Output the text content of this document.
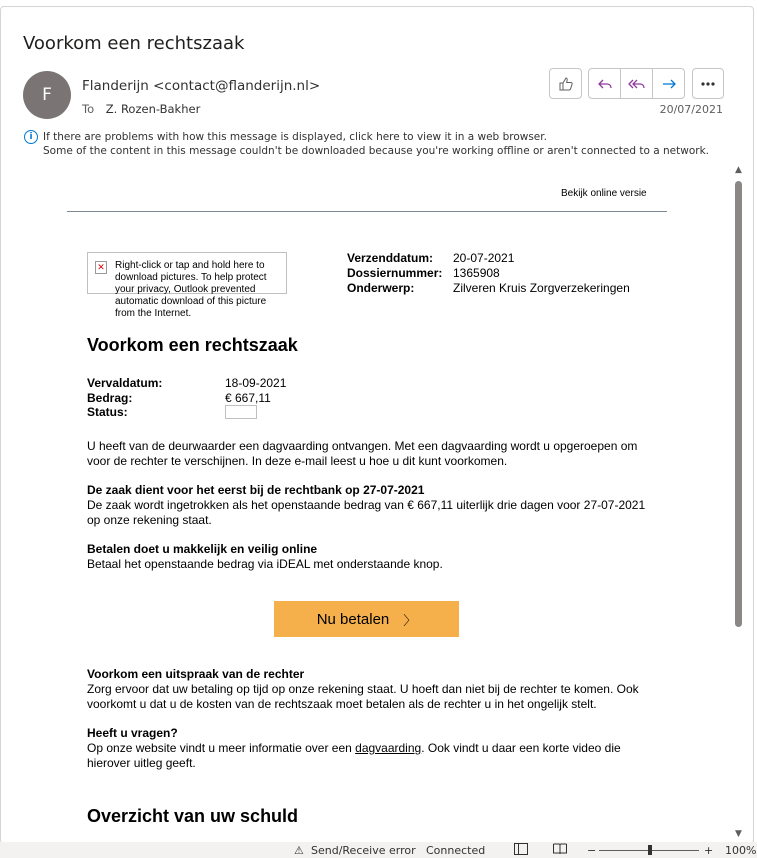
Voorkom een rechtszaak
F	Flanderijn <contact@flanderijn.nl>
To Z. Rozen-Bakher	20/07/2021
i If there are problems with how this message is displayed, click here to view it in a web browser.
Some of the content in this message couldn't be downloaded because you're working offline or aren't connected to a network.
Bekijk online versie
✕ Right-click or tap and hold here to download pictures. To help protect your privacy, Outlook prevented automatic download of this picture from the Internet.
Verzenddatum:	20-07-2021
Dossiernummer: 1365908
Onderwerp:	Zilveren Kruis Zorgverzekeringen
Voorkom een rechtszaak
Vervaldatum:	18-09-2021
Bedrag:	€ 667,11
Status:
U heeft van de deurwaarder een dagvaarding ontvangen. Met een dagvaarding wordt u opgeroepen om voor de rechter te verschijnen. In deze e-mail leest u hoe u dit kunt voorkomen.
De zaak dient voor het eerst bij de rechtbank op 27-07-2021
De zaak wordt ingetrokken als het openstaande bedrag van € 667,11 uiterlijk drie dagen voor 27-07-2021 op onze rekening staat.
Betalen doet u makkelijk en veilig online
Betaal het openstaande bedrag via iDEAL met onderstaande knop.
Nu betalen 〉
Voorkom een uitspraak van de rechter
Zorg ervoor dat uw betaling op tijd op onze rekening staat. U hoeft dan niet bij de rechter te komen. Ook voorkomt u dat u de kosten van de rechtszaak moet betalen als de rechter u in het ongelijk stelt.
Heeft u vragen?
Op onze website vindt u meer informatie over een dagvaarding. Ook vindt u daar een korte video die hierover uitleg geeft.
Overzicht van uw schuld
▲
▼
⚠ Send/Receive error Connected	−	+ 100%
